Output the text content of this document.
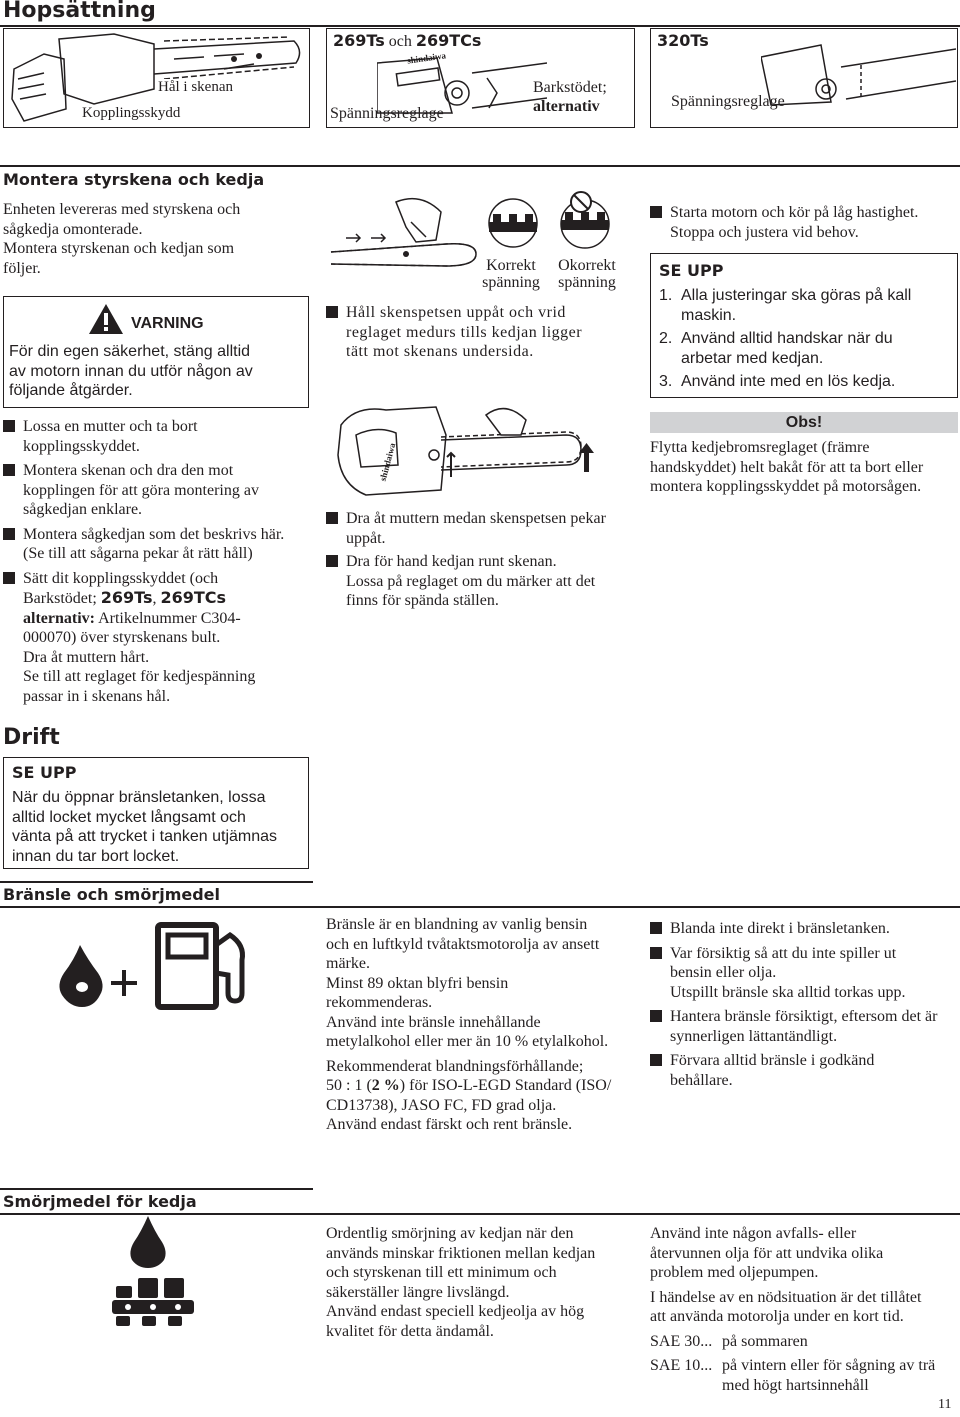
Hopsättning
Hål i skenan
Kopplingsskydd
269Ts och 269TCs
shindaiwa
Spänningsreglage
Barkstödet;
alternativ
320Ts
Spänningsreglage
Montera styrskena och kedja
Enheten levereras med styrskena och
sågkedja omonterade.
Montera styrskenan och kedjan som
följer.
VARNING
För din egen säkerhet, stäng alltid
av motorn innan du utför någon av
följande åtgärder.
Lossa en mutter och ta bort
kopplingsskyddet.
Montera skenan och dra den mot
kopplingen för att göra montering av
sågkedjan enklare.
Montera sågkedjan som det beskrivs här.
(Se till att sågarna pekar åt rätt håll)
Sätt dit kopplingsskyddet (och
Barkstödet; 269Ts, 269TCs
alternativ: Artikelnummer C304-
000070) över styrskenans bult.
Dra åt muttern hårt.
Se till att reglaget för kedjespänning
passar in i skenans hål.
Korrekt
spänning
Okorrekt
spänning
Håll skenspetsen uppåt och vrid
reglaget medurs tills kedjan ligger
tätt mot skenans undersida.
shindaiwa
Dra åt muttern medan skenspetsen pekar
uppåt.
Dra för hand kedjan runt skenan.
Lossa på reglaget om du märker att det
finns för spända ställen.
Starta motorn och kör på låg hastighet.
Stoppa och justera vid behov.
SE UPP
1. Alla justeringar ska göras på kall
maskin.
2. Använd alltid handskar när du
arbetar med kedjan.
3. Använd inte med en lös kedja.
Obs!
Flytta kedjebromsreglaget (främre
handskyddet) helt bakåt för att ta bort eller
montera kopplingsskyddet på motorsågen.
Drift
SE UPP
När du öppnar bränsletanken, lossa
alltid locket mycket långsamt och
vänta på att trycket i tanken utjämnas
innan du tar bort locket.
Bränsle och smörjmedel
Bränsle är en blandning av vanlig bensin
och en luftkyld tvåtaktsmotorolja av ansett
märke.
Minst 89 oktan blyfri bensin
rekommenderas.
Använd inte bränsle innehållande
metylalkohol eller mer än 10 % etylalkohol.
Rekommenderat blandningsförhållande;
50 : 1 (2 %) för ISO-L-EGD Standard (ISO/
CD13738), JASO FC, FD grad olja.
Använd endast färskt och rent bränsle.
Blanda inte direkt i bränsletanken.
Var försiktig så att du inte spiller ut
bensin eller olja.
Utspillt bränsle ska alltid torkas upp.
Hantera bränsle försiktigt, eftersom det är
synnerligen lättantändligt.
Förvara alltid bränsle i godkänd
behållare.
Smörjmedel för kedja
Ordentlig smörjning av kedjan när den
används minskar friktionen mellan kedjan
och styrskenan till ett minimum och
säkerställer längre livslängd.
Använd endast speciell kedjeolja av hög
kvalitet för detta ändamål.
Använd inte någon avfalls- eller
återvunnen olja för att undvika olika
problem med oljepumpen.
I händelse av en nödsituation är det tillåtet
att använda motorolja under en kort tid.
SAE 30... på sommaren
SAE 10... på vintern eller för sågning av trä
med högt hartsinnehåll
11
